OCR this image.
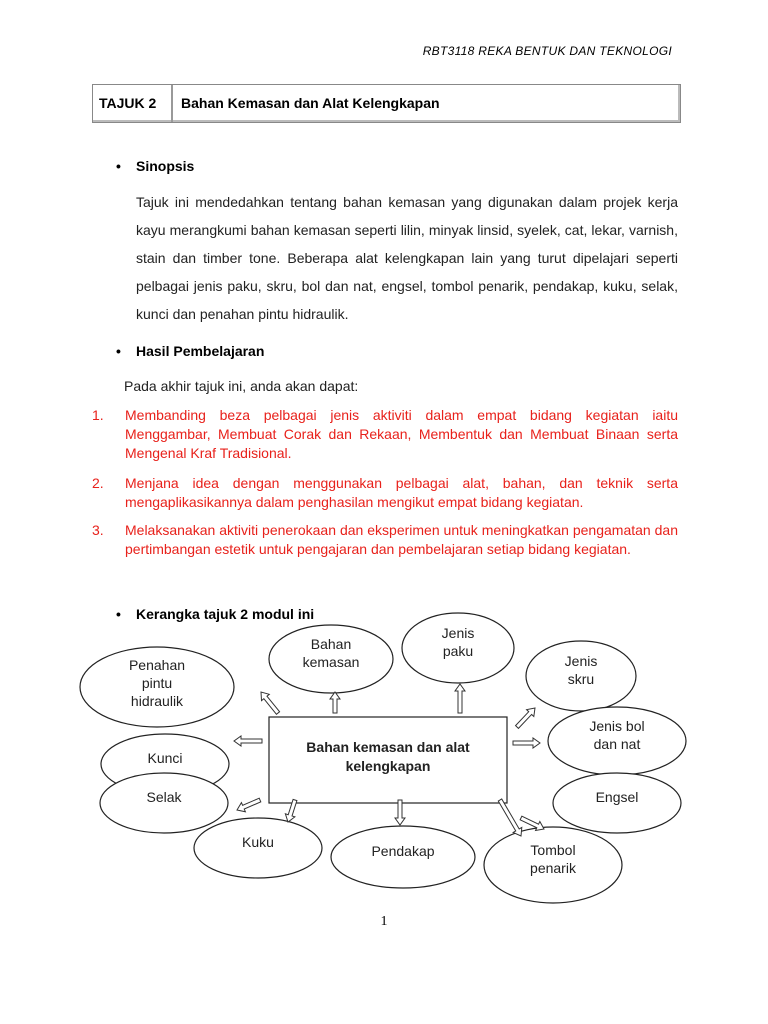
RBT3118 REKA BENTUK DAN TEKNOLOGI
TAJUK 2	Bahan Kemasan dan Alat Kelengkapan
• Sinopsis
Tajuk ini mendedahkan tentang bahan kemasan yang digunakan dalam projek kerja kayu merangkumi bahan kemasan seperti lilin, minyak linsid, syelek, cat, lekar, varnish, stain dan timber tone. Beberapa alat kelengkapan lain yang turut dipelajari seperti pelbagai jenis paku, skru, bol dan nat, engsel, tombol penarik, pendakap, kuku, selak, kunci dan penahan pintu hidraulik.
• Hasil Pembelajaran
Pada akhir tajuk ini, anda akan dapat:
1. Membanding beza pelbagai jenis aktiviti dalam empat bidang kegiatan iaitu Menggambar, Membuat Corak dan Rekaan, Membentuk dan Membuat Binaan serta Mengenal Kraf Tradisional.
2. Menjana idea dengan menggunakan pelbagai alat, bahan, dan teknik serta mengaplikasikannya dalam penghasilan mengikut empat bidang kegiatan.
3. Melaksanakan aktiviti penerokaan dan eksperimen untuk meningkatkan pengamatan dan pertimbangan estetik untuk pengajaran dan pembelajaran setiap bidang kegiatan.
• Kerangka tajuk 2 modul ini
Penahan
pintu
hidraulik
Bahan
kemasan
Jenis
paku
Jenis
skru
Kunci
Jenis bol
dan nat
Selak	Engsel
Kuku
Pendakap	Tombol
penarik
Bahan kemasan dan alat
kelengkapan
1
